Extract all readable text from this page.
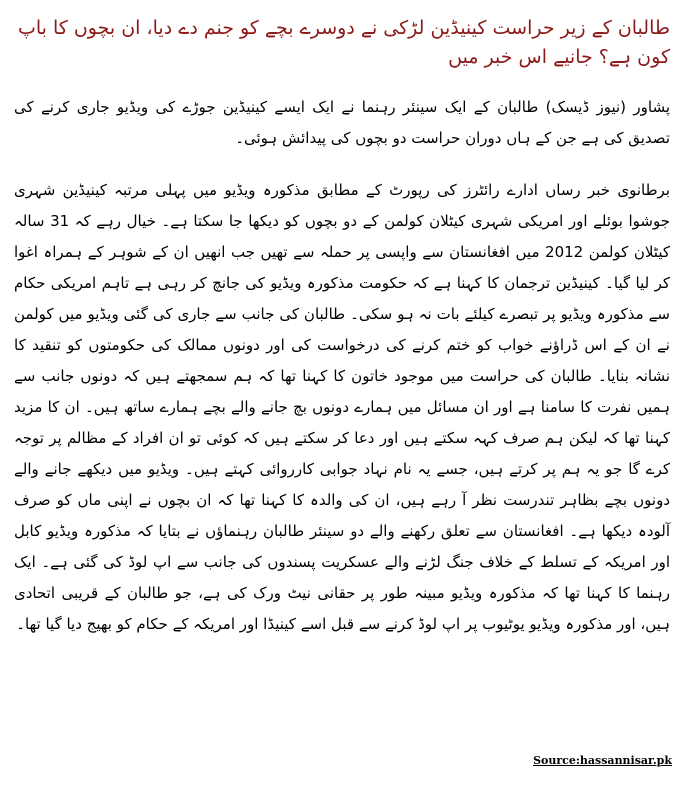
طالبان کے زیر حراست کینیڈین لڑکی نے دوسرے بچے کو جنم دے دیا، ان بچوں کا باپ کون ہے؟ جانیے اس خبر میں

پشاور (نیوز ڈیسک) طالبان کے ایک سینئر رہنما نے ایک ایسے کینیڈین جوڑے کی ویڈیو جاری کرنے کی تصدیق کی ہے جن کے ہاں دوران حراست دو بچوں کی پیدائش ہوئی۔

برطانوی خبر رساں ادارے رائٹرز کی رپورٹ کے مطابق مذکورہ ویڈیو میں پہلی مرتبہ کینیڈین شہری جوشوا بوئلے اور امریکی شہری کیٹلان کولمن کے دو بچوں کو دیکھا جا سکتا ہے۔ خیال رہے کہ 31 سالہ کیٹلان کولمن 2012 میں افغانستان سے واپسی پر حملہ سے تھیں جب انھیں ان کے شوہر کے ہمراہ اغوا کر لیا گیا۔ کینیڈین ترجمان کا کہنا ہے کہ حکومت مذکورہ ویڈیو کی جانچ کر رہی ہے تاہم امریکی حکام سے مذکورہ ویڈیو پر تبصرے کیلئے بات نہ ہو سکی۔ طالبان کی جانب سے جاری کی گئی ویڈیو میں کولمن نے ان کے اس ڈراؤنے خواب کو ختم کرنے کی درخواست کی اور دونوں ممالک کی حکومتوں کو تنقید کا نشانہ بنایا۔ طالبان کی حراست میں موجود خاتون کا کہنا تھا کہ ہم سمجھتے ہیں کہ دونوں جانب سے ہمیں نفرت کا سامنا ہے اور ان مسائل میں ہمارے دونوں بچ جانے والے بچے ہمارے ساتھ ہیں۔ ان کا مزید کہنا تھا کہ لیکن ہم صرف کہہ سکتے ہیں اور دعا کر سکتے ہیں کہ کوئی تو ان افراد کے مظالم پر توجہ کرے گا جو یہ ہم پر کرتے ہیں، جسے یہ نام نہاد جوابی کارروائی کہتے ہیں۔ ویڈیو میں دیکھے جانے والے دونوں بچے بظاہر تندرست نظر آ رہے ہیں، ان کی والدہ کا کہنا تھا کہ ان بچوں نے اپنی ماں کو صرف آلودہ دیکھا ہے۔ افغانستان سے تعلق رکھنے والے دو سینئر طالبان رہنماؤں نے بتایا کہ مذکورہ ویڈیو کابل اور امریکہ کے تسلط کے خلاف جنگ لڑنے والے عسکریت پسندوں کی جانب سے اپ لوڈ کی گئی ہے۔ ایک رہنما کا کہنا تھا کہ مذکورہ ویڈیو مبینہ طور پر حقانی نیٹ ورک کی ہے، جو طالبان کے قریبی اتحادی ہیں، اور مذکورہ ویڈیو یوٹیوب پر اپ لوڈ کرنے سے قبل اسے کینیڈا اور امریکہ کے حکام کو بھیج دیا گیا تھا۔

Source:hassannisar.pk
